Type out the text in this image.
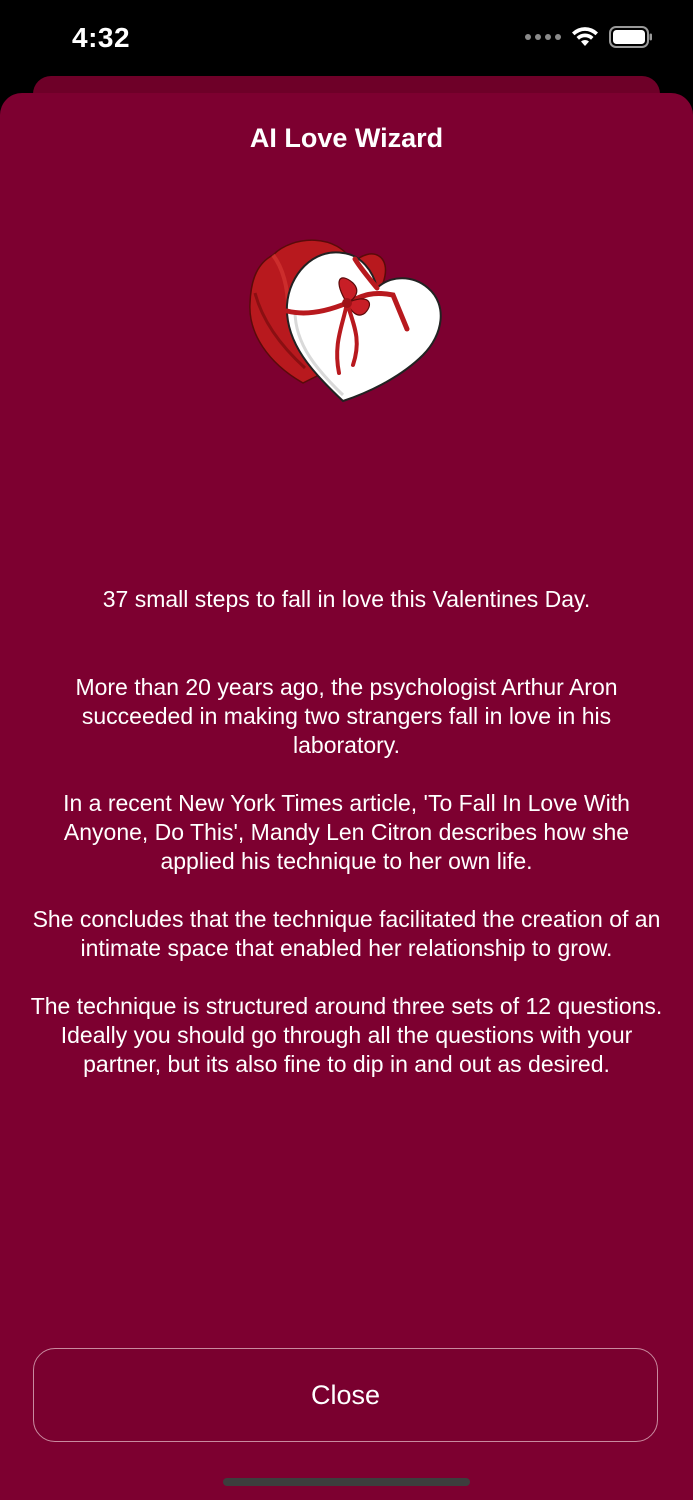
4:32
AI Love Wizard
37 small steps to fall in love this Valentines Day.

More than 20 years ago, the psychologist Arthur Aron succeeded in making two strangers fall in love in his laboratory.

In a recent New York Times article, 'To Fall In Love With Anyone, Do This', Mandy Len Citron describes how she applied his technique to her own life.

She concludes that the technique facilitated the creation of an intimate space that enabled her relationship to grow.

The technique is structured around three sets of 12 questions. Ideally you should go through all the questions with your partner, but its also fine to dip in and out as desired.

Close
